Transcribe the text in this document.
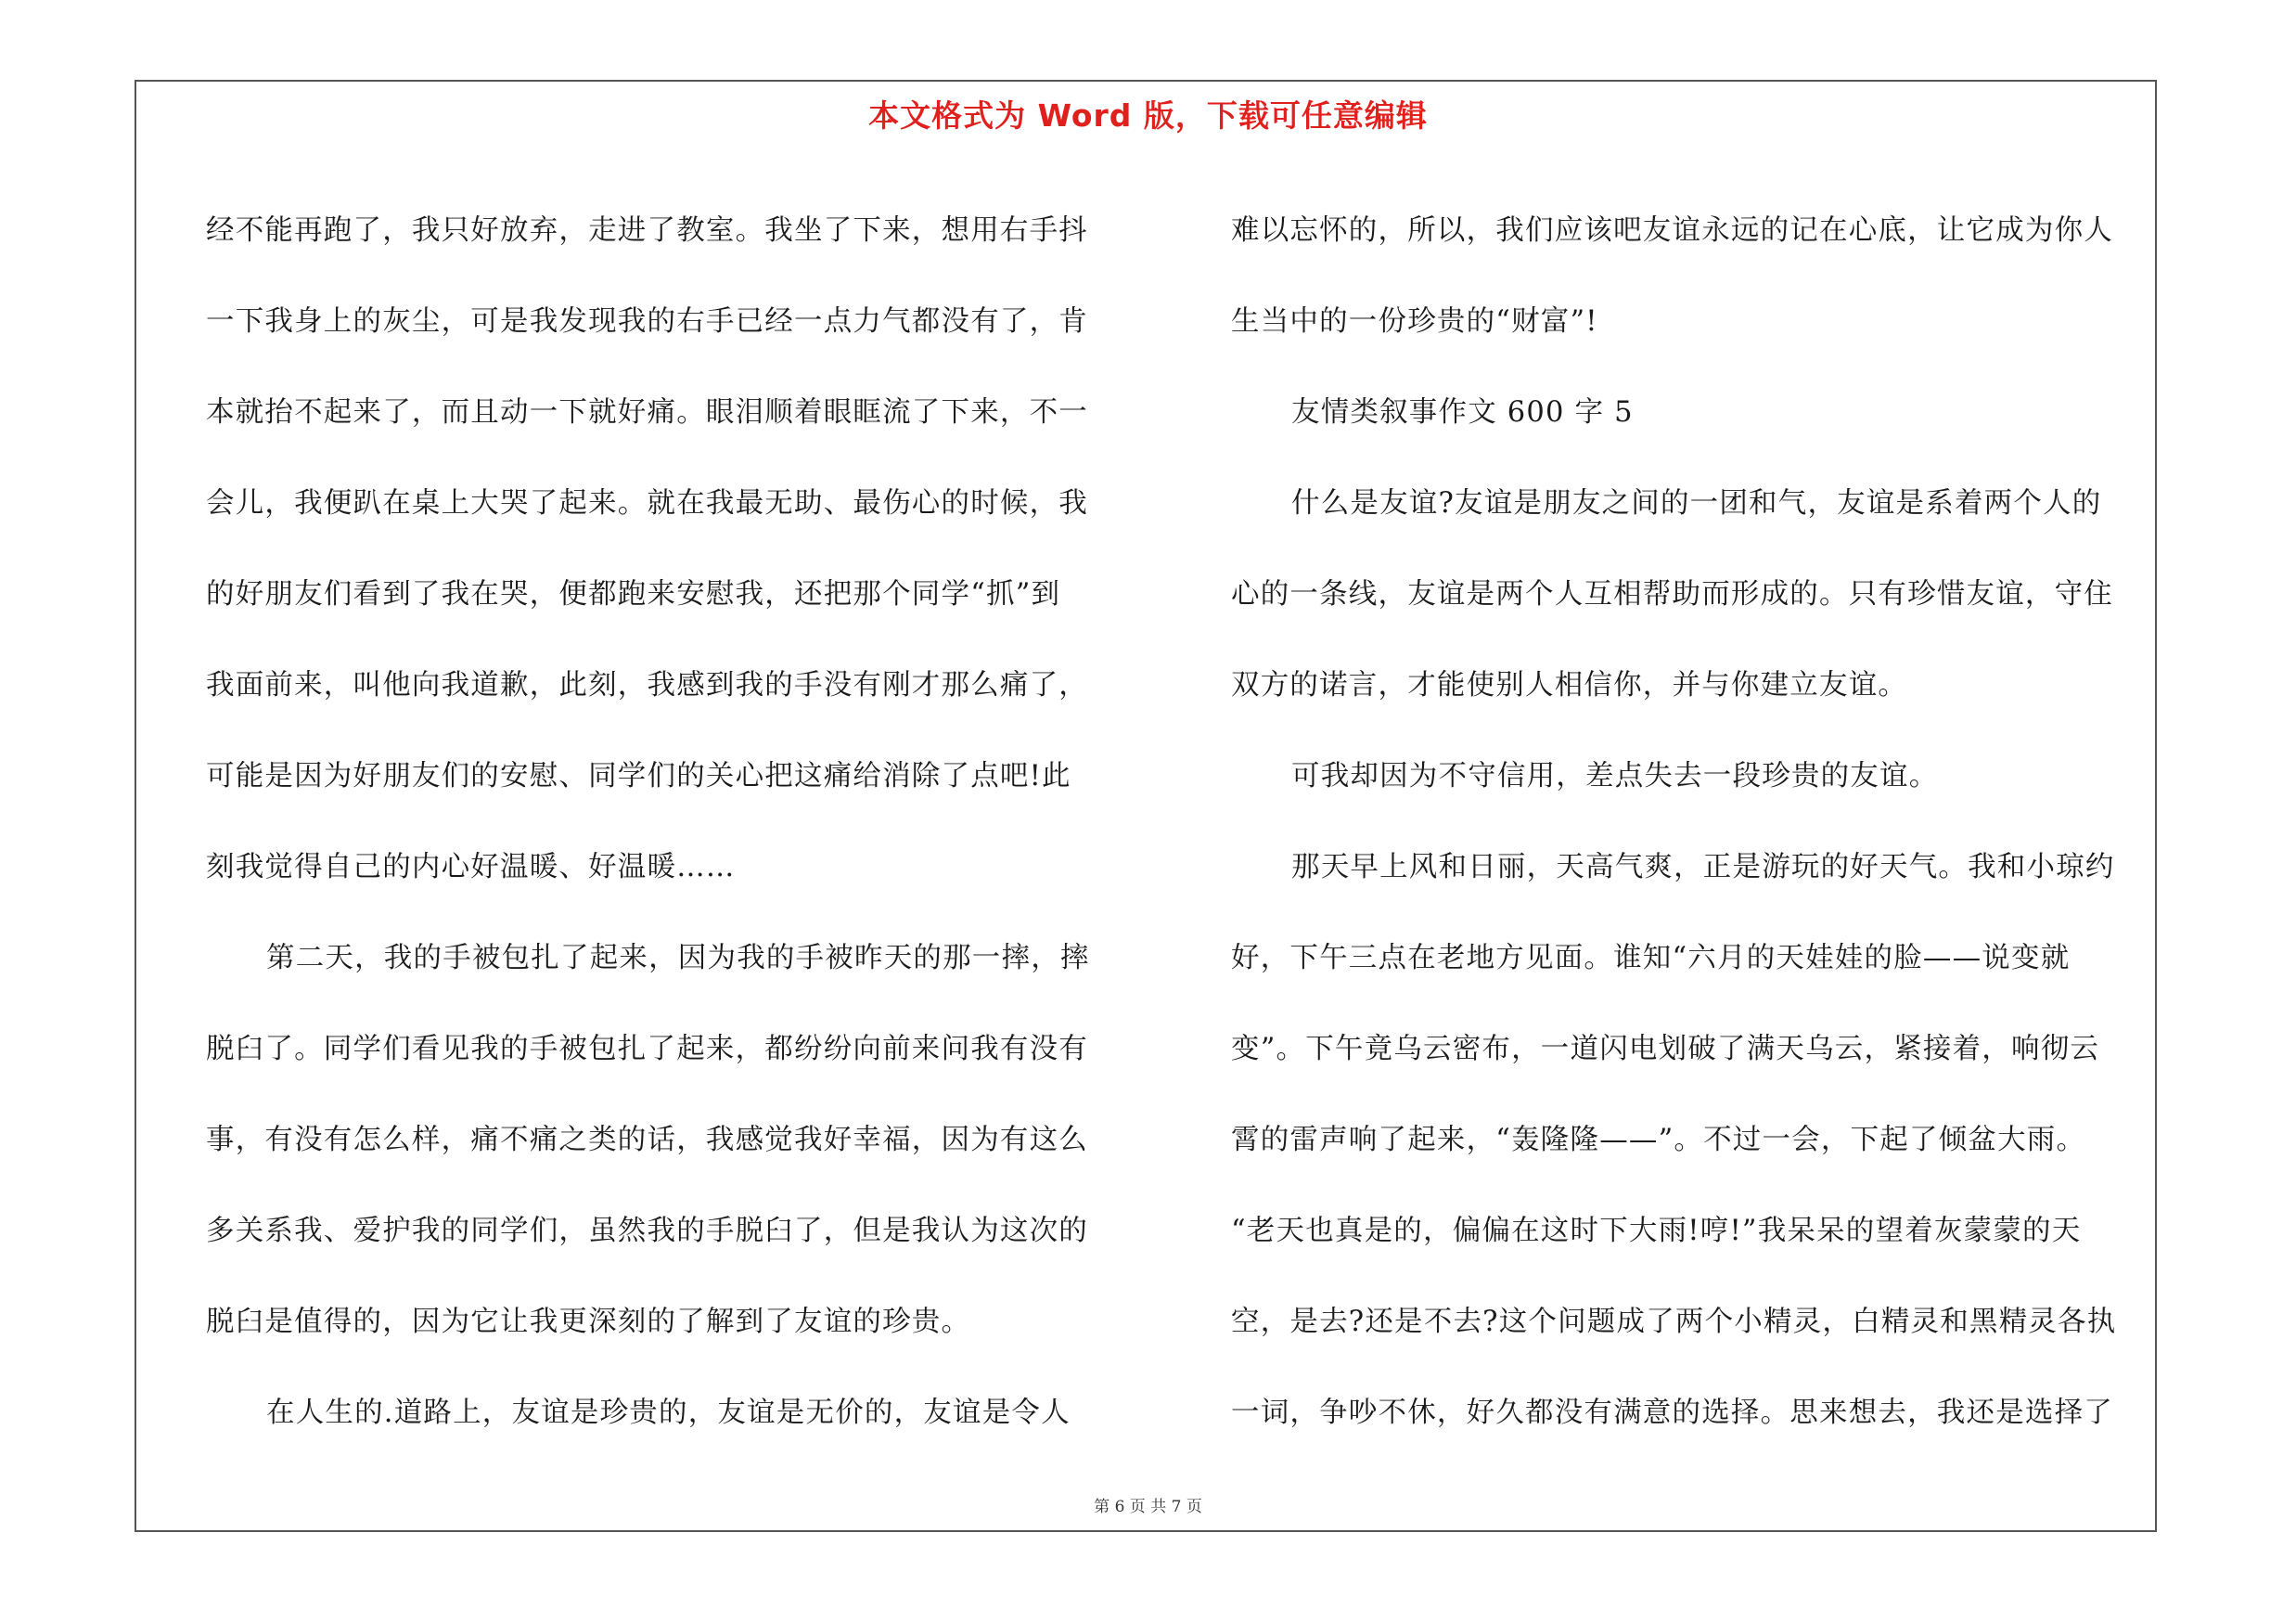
本文格式为 Word 版，下载可任意编辑

经不能再跑了，我只好放弃，走进了教室。我坐了下来，想用右手抖

一下我身上的灰尘，可是我发现我的右手已经一点力气都没有了，肯

本就抬不起来了，而且动一下就好痛。眼泪顺着眼眶流了下来，不一

会儿，我便趴在桌上大哭了起来。就在我最无助、最伤心的时候，我

的好朋友们看到了我在哭，便都跑来安慰我，还把那个同学“抓”到

我面前来，叫他向我道歉，此刻，我感到我的手没有刚才那么痛了，

可能是因为好朋友们的安慰、同学们的关心把这痛给消除了点吧!此

刻我觉得自己的内心好温暖、好温暖……

第二天，我的手被包扎了起来，因为我的手被昨天的那一摔，摔

脱臼了。同学们看见我的手被包扎了起来，都纷纷向前来问我有没有

事，有没有怎么样，痛不痛之类的话，我感觉我好幸福，因为有这么

多关系我、爱护我的同学们，虽然我的手脱臼了，但是我认为这次的

脱臼是值得的，因为它让我更深刻的了解到了友谊的珍贵。

在人生的.道路上，友谊是珍贵的，友谊是无价的，友谊是令人

难以忘怀的，所以，我们应该吧友谊永远的记在心底，让它成为你人

生当中的一份珍贵的“财富”!

友情类叙事作文 600 字 5

什么是友谊?友谊是朋友之间的一团和气，友谊是系着两个人的

心的一条线，友谊是两个人互相帮助而形成的。只有珍惜友谊，守住

双方的诺言，才能使别人相信你，并与你建立友谊。

可我却因为不守信用，差点失去一段珍贵的友谊。

那天早上风和日丽，天高气爽，正是游玩的好天气。我和小琼约

好，下午三点在老地方见面。谁知“六月的天娃娃的脸——说变就

变”。下午竟乌云密布，一道闪电划破了满天乌云，紧接着，响彻云

霄的雷声响了起来，“轰隆隆——”。不过一会，下起了倾盆大雨。

“老天也真是的，偏偏在这时下大雨!哼!”我呆呆的望着灰蒙蒙的天

空，是去?还是不去?这个问题成了两个小精灵，白精灵和黑精灵各执

一词，争吵不休，好久都没有满意的选择。思来想去，我还是选择了

第 6 页 共 7 页
